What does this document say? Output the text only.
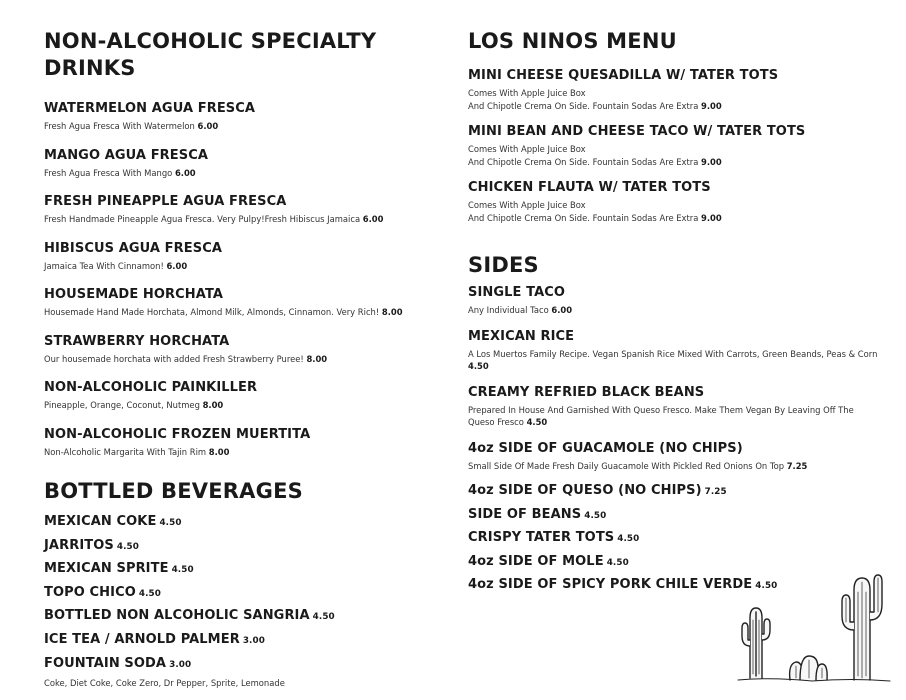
NON-ALCOHOLIC SPECIALTY
DRINKS

WATERMELON AGUA FRESCA

Fresh Agua Fresca With Watermelon 6.00

MANGO AGUA FRESCA

Fresh Agua Fresca With Mango 6.00

FRESH PINEAPPLE AGUA FRESCA

Fresh Handmade Pineapple Agua Fresca. Very Pulpy!Fresh Hibiscus Jamaica 6.00

HIBISCUS AGUA FRESCA

Jamaica Tea With Cinnamon! 6.00

HOUSEMADE HORCHATA

Housemade Hand Made Horchata, Almond Milk, Almonds, Cinnamon. Very Rich! 8.00

STRAWBERRY HORCHATA

Our housemade horchata with added Fresh Strawberry Puree! 8.00

NON-ALCOHOLIC PAINKILLER

Pineapple, Orange, Coconut, Nutmeg 8.00

NON-ALCOHOLIC FROZEN MUERTITA

Non-Alcoholic Margarita With Tajin Rim 8.00

BOTTLED BEVERAGES

MEXICAN COKE 4.50

JARRITOS 4.50

MEXICAN SPRITE 4.50

TOPO CHICO 4.50

BOTTLED NON ALCOHOLIC SANGRIA 4.50

ICE TEA / ARNOLD PALMER 3.00

FOUNTAIN SODA 3.00

Coke, Diet Coke, Coke Zero, Dr Pepper, Sprite, Lemonade

LOS NINOS MENU

MINI CHEESE QUESADILLA W/ TATER TOTS

Comes With Apple Juice Box
And Chipotle Crema On Side. Fountain Sodas Are Extra 9.00

MINI BEAN AND CHEESE TACO W/ TATER TOTS

Comes With Apple Juice Box
And Chipotle Crema On Side. Fountain Sodas Are Extra 9.00

CHICKEN FLAUTA W/ TATER TOTS

Comes With Apple Juice Box
And Chipotle Crema On Side. Fountain Sodas Are Extra 9.00

SIDES

SINGLE TACO

Any Individual Taco 6.00

MEXICAN RICE

A Los Muertos Family Recipe. Vegan Spanish Rice Mixed With Carrots, Green Beands, Peas & Corn 4.50

CREAMY REFRIED BLACK BEANS

Prepared In House And Garnished With Queso Fresco. Make Them Vegan By Leaving Off The Queso Fresco 4.50

4oz SIDE OF GUACAMOLE (NO CHIPS)

Small Side Of Made Fresh Daily Guacamole With Pickled Red Onions On Top 7.25

4oz SIDE OF QUESO (NO CHIPS) 7.25

SIDE OF BEANS 4.50

CRISPY TATER TOTS 4.50

4oz SIDE OF MOLE 4.50

4oz SIDE OF SPICY PORK CHILE VERDE 4.50
